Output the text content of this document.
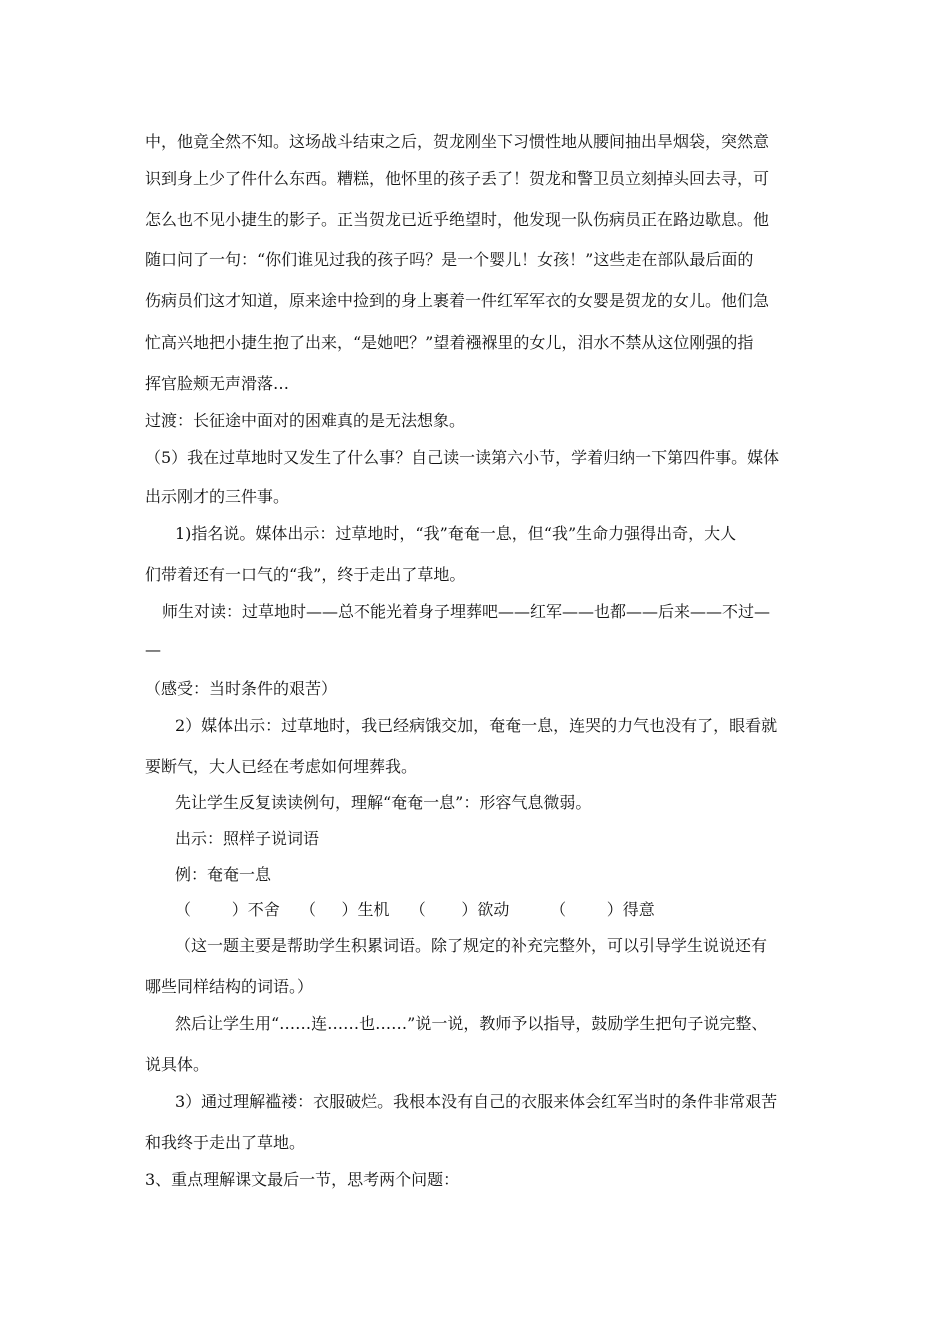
中，他竟全然不知。这场战斗结束之后，贺龙刚坐下习惯性地从腰间抽出旱烟袋，突然意
识到身上少了件什么东西。糟糕，他怀里的孩子丢了！贺龙和警卫员立刻掉头回去寻，可
怎么也不见小捷生的影子。正当贺龙已近乎绝望时，他发现一队伤病员正在路边歇息。他
随口问了一句：“你们谁见过我的孩子吗？是一个婴儿！女孩！”这些走在部队最后面的
伤病员们这才知道，原来途中捡到的身上裹着一件红军军衣的女婴是贺龙的女儿。他们急
忙高兴地把小捷生抱了出来，“是她吧？”望着襁褓里的女儿，泪水不禁从这位刚强的指
挥官脸颊无声滑落…
过渡：长征途中面对的困难真的是无法想象。
（5）我在过草地时又发生了什么事？自己读一读第六小节，学着归纳一下第四件事。媒体
出示刚才的三件事。
1)指名说。媒体出示：过草地时，“我”奄奄一息，但“我”生命力强得出奇，大人
们带着还有一口气的“我”，终于走出了草地。
师生对读：过草地时——总不能光着身子埋葬吧——红军——也都——后来——不过—
—
（感受：当时条件的艰苦）
2）媒体出示：过草地时，我已经病饿交加，奄奄一息，连哭的力气也没有了，眼看就
要断气，大人已经在考虑如何埋葬我。
先让学生反复读读例句，理解“奄奄一息”：形容气息微弱。
出示：照样子说词语
例：奄奄一息
（        ）不舍    （     ）生机    （       ）欲动        （        ）得意
（这一题主要是帮助学生积累词语。除了规定的补充完整外，可以引导学生说说还有
哪些同样结构的词语。）
然后让学生用“……连……也……”说一说，教师予以指导，鼓励学生把句子说完整、
说具体。
3）通过理解褴褛：衣服破烂。我根本没有自己的衣服来体会红军当时的条件非常艰苦
和我终于走出了草地。
3、重点理解课文最后一节，思考两个问题：
